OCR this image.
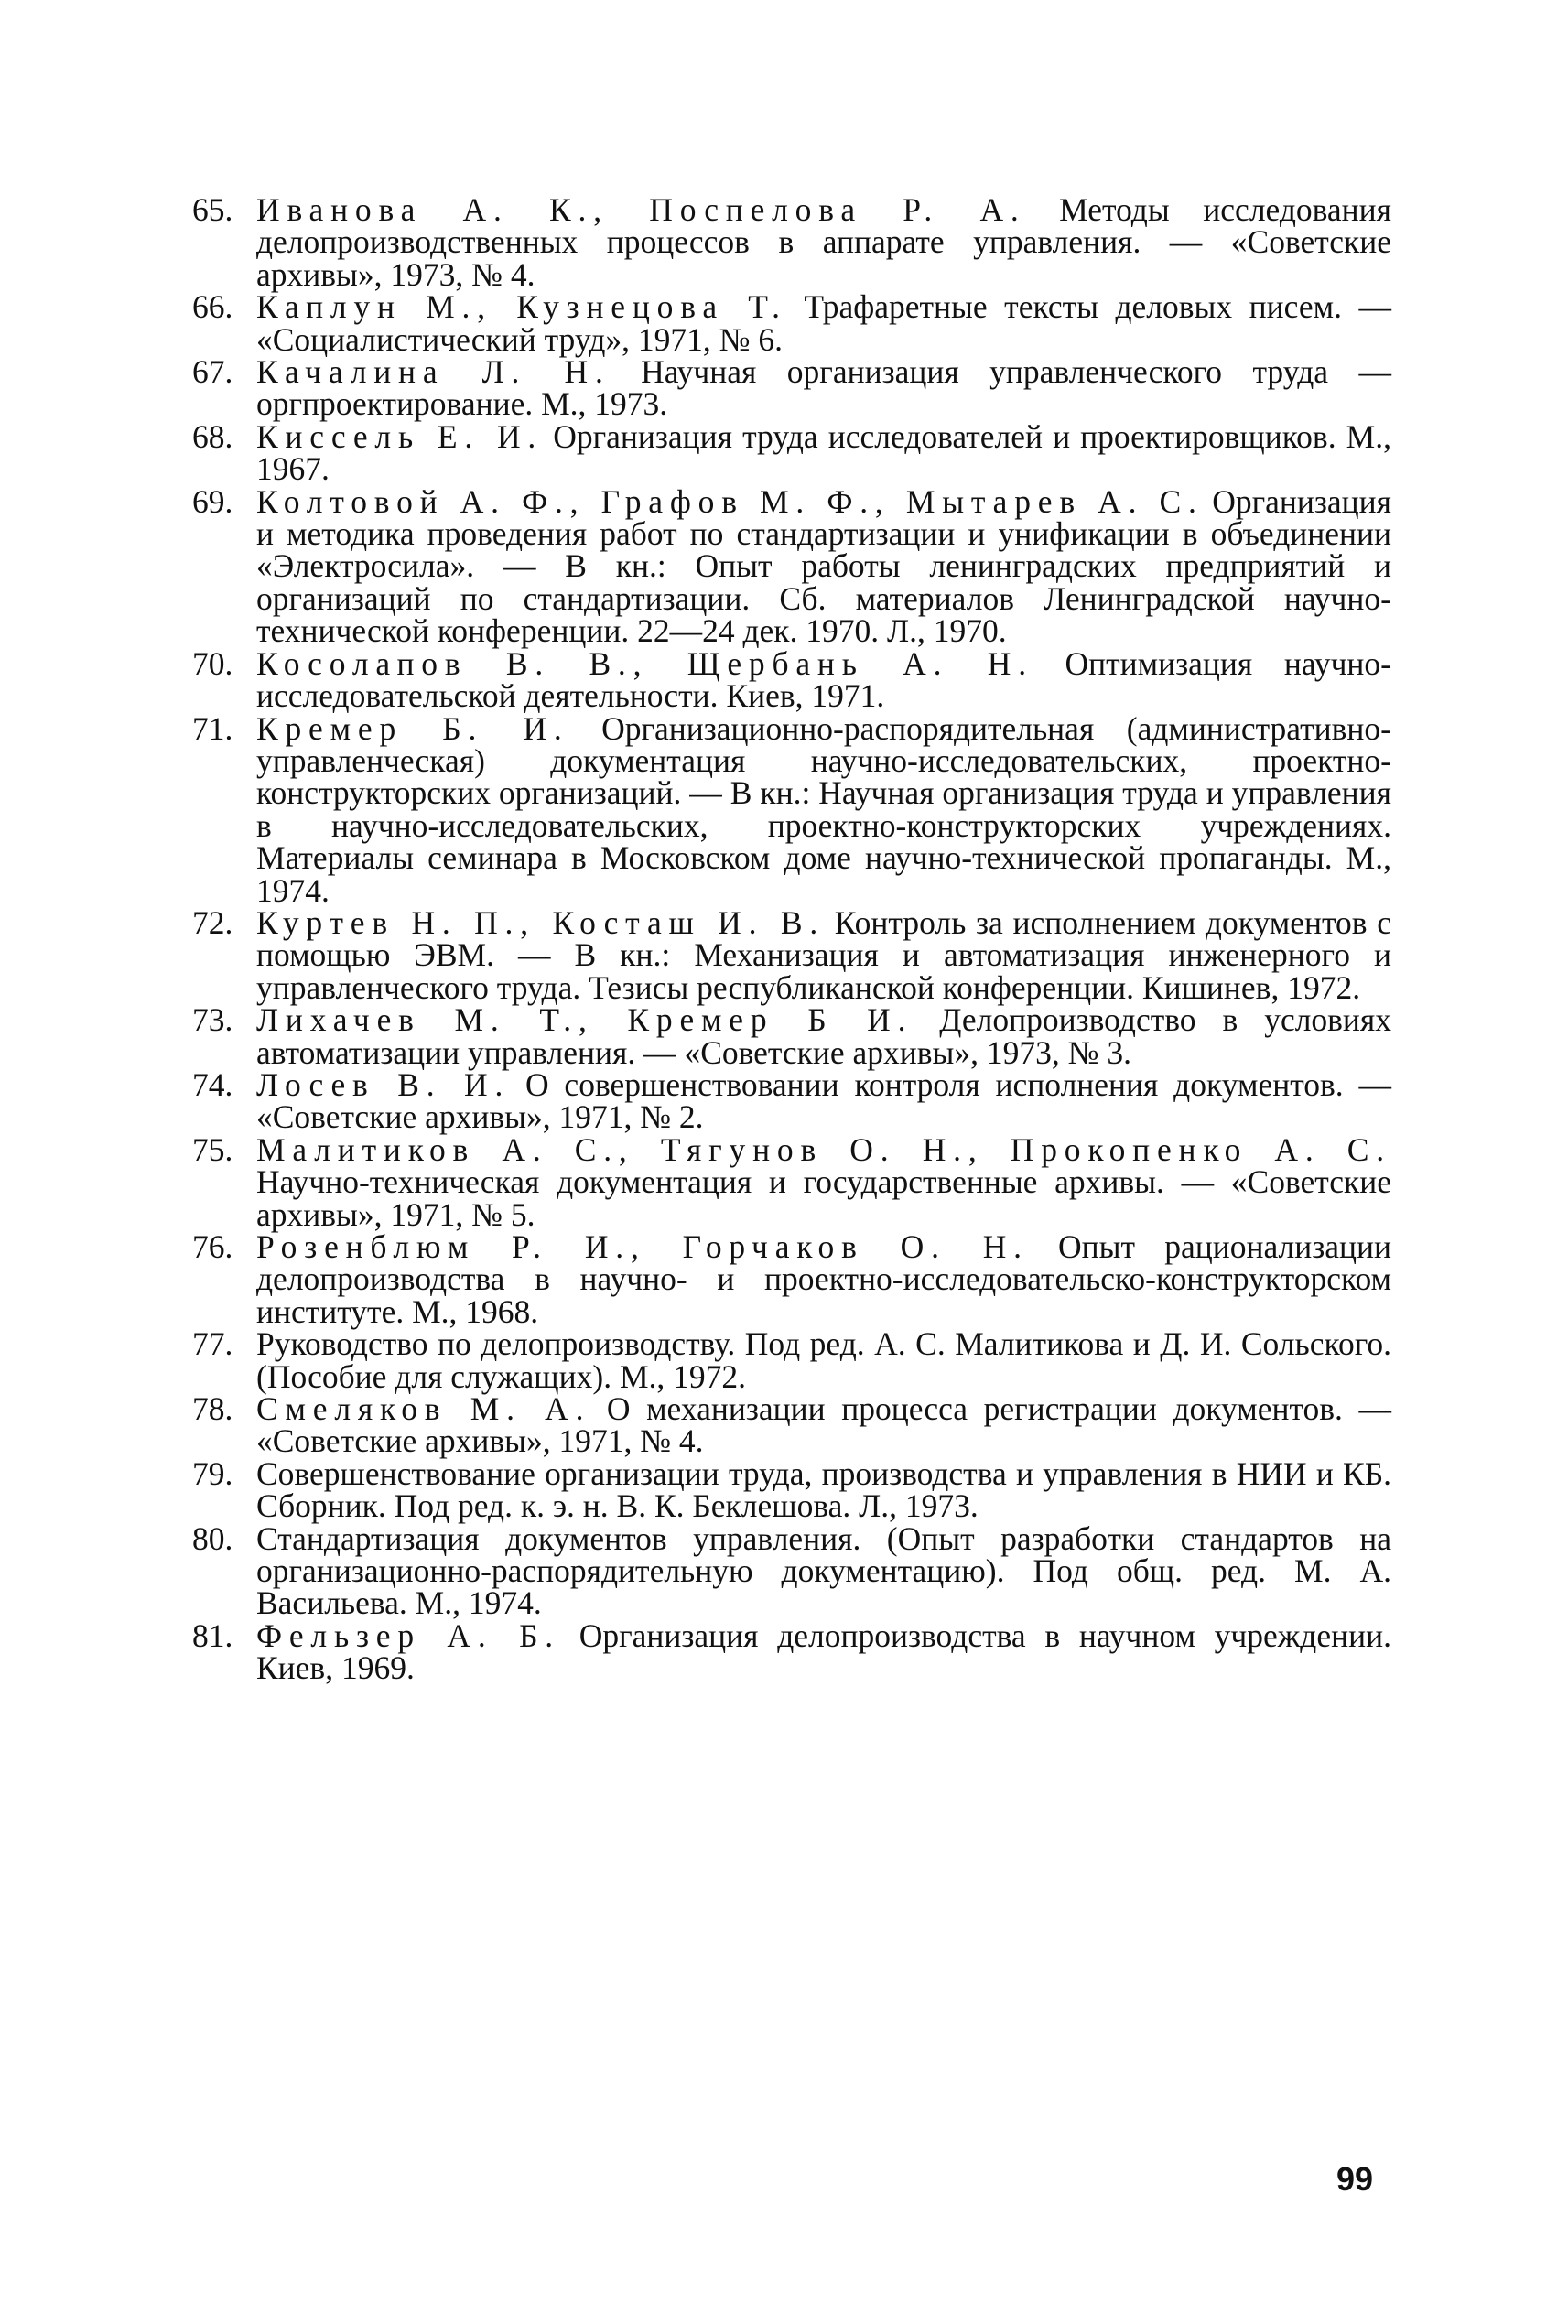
65. Иванова А. К., Поспелова Р. А. Методы исследования делопроизводственных процессов в аппарате управления. — «Советские архивы», 1973, № 4.

66. Каплун М., Кузнецова Т. Трафаретные тексты деловых писем. — «Социалистический труд», 1971, № 6.

67. Качалина Л. Н. Научная организация управленческого труда — оргпроектирование. М., 1973.

68. Киссель Е. И. Организация труда исследователей и проектировщиков. М., 1967.

69. Колтовой А. Ф., Графов М. Ф., Мытарев А. С. Организация и методика проведения работ по стандартизации и унификации в объединении «Электросила». — В кн.: Опыт работы ленинградских предприятий и организаций по стандартизации. Сб. материалов Ленинградской научно-технической конференции. 22—24 дек. 1970. Л., 1970.

70. Косолапов В. В., Щербань А. Н. Оптимизация научно-исследовательской деятельности. Киев, 1971.

71. Кремер Б. И. Организационно-распорядительная (административно-управленческая) документация научно-исследовательских, проектно-конструкторских организаций. — В кн.: Научная организация труда и управления в научно-исследовательских, проектно-конструкторских учреждениях. Материалы семинара в Московском доме научно-технической пропаганды. М., 1974.

72. Куртев Н. П., Косташ И. В. Контроль за исполнением документов с помощью ЭВМ. — В кн.: Механизация и автоматизация инженерного и управленческого труда. Тезисы республиканской конференции. Кишинев, 1972.

73. Лихачев М. Т., Кремер Б И. Делопроизводство в условиях автоматизации управления. — «Советские архивы», 1973, № 3.

74. Лосев В. И. О совершенствовании контроля исполнения документов. — «Советские архивы», 1971, № 2.

75. Малитиков А. С., Тягунов О. Н., Прокопенко А. С. Научно-техническая документация и государственные архивы. — «Советские архивы», 1971, № 5.

76. Розенблюм Р. И., Горчаков О. Н. Опыт рационализации делопроизводства в научно- и проектно-исследовательско-конструкторском институте. М., 1968.

77. Руководство по делопроизводству. Под ред. А. С. Малитикова и Д. И. Сольского. (Пособие для служащих). М., 1972.

78. Смеляков М. А. О механизации процесса регистрации документов. — «Советские архивы», 1971, № 4.

79. Совершенствование организации труда, производства и управления в НИИ и КБ. Сборник. Под ред. к. э. н. В. К. Беклешова. Л., 1973.

80. Стандартизация документов управления. (Опыт разработки стандартов на организационно-распорядительную документацию). Под общ. ред. М. А. Васильева. М., 1974.

81. Фельзер А. Б. Организация делопроизводства в научном учреждении. Киев, 1969.

99
